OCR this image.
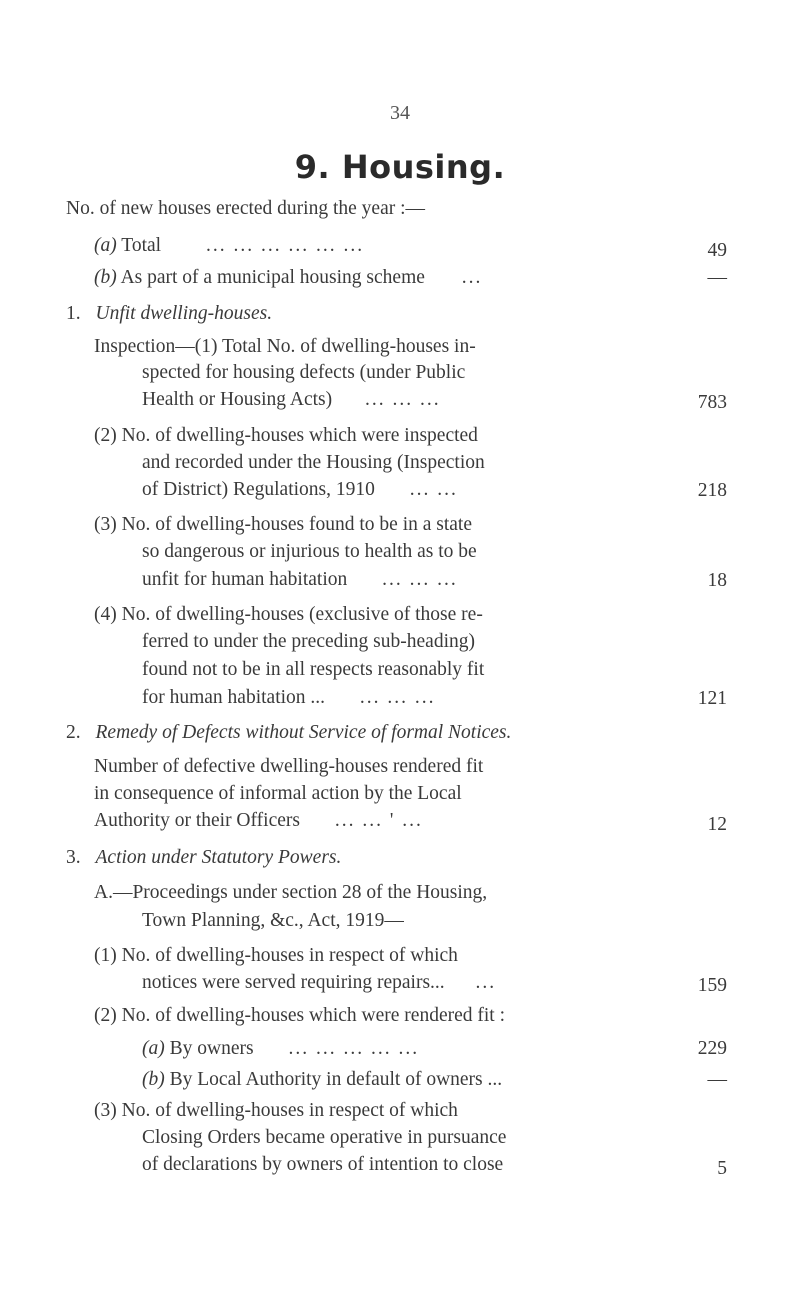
34
9. Housing.
No. of new houses erected during the year :—
(a) Total ... ... ... ... ... ...	49
(b) As part of a municipal housing scheme ...	—
1. Unfit dwelling-houses.
Inspection—(1) Total No. of dwelling-houses in-
spected for housing defects (under Public
Health or Housing Acts) ... ... ...	783
(2) No. of dwelling-houses which were inspected
and recorded under the Housing (Inspection
of District) Regulations, 1910 ... ...	218
(3) No. of dwelling-houses found to be in a state
so dangerous or injurious to health as to be
unfit for human habitation ... ... ...	18
(4) No. of dwelling-houses (exclusive of those re-
ferred to under the preceding sub-heading)
found not to be in all respects reasonably fit
for human habitation ... ... ... ...	121
2. Remedy of Defects without Service of formal Notices.
Number of defective dwelling-houses rendered fit
in consequence of informal action by the Local
Authority or their Officers ... ... ' ...	12
3. Action under Statutory Powers.
A.—Proceedings under section 28 of the Housing,
Town Planning, &c., Act, 1919—
(1) No. of dwelling-houses in respect of which
notices were served requiring repairs... ...	159
(2) No. of dwelling-houses which were rendered fit :
(a) By owners ... ... ... ... ...	229
(b) By Local Authority in default of owners ...	—
(3) No. of dwelling-houses in respect of which
Closing Orders became operative in pursuance
of declarations by owners of intention to close	5
